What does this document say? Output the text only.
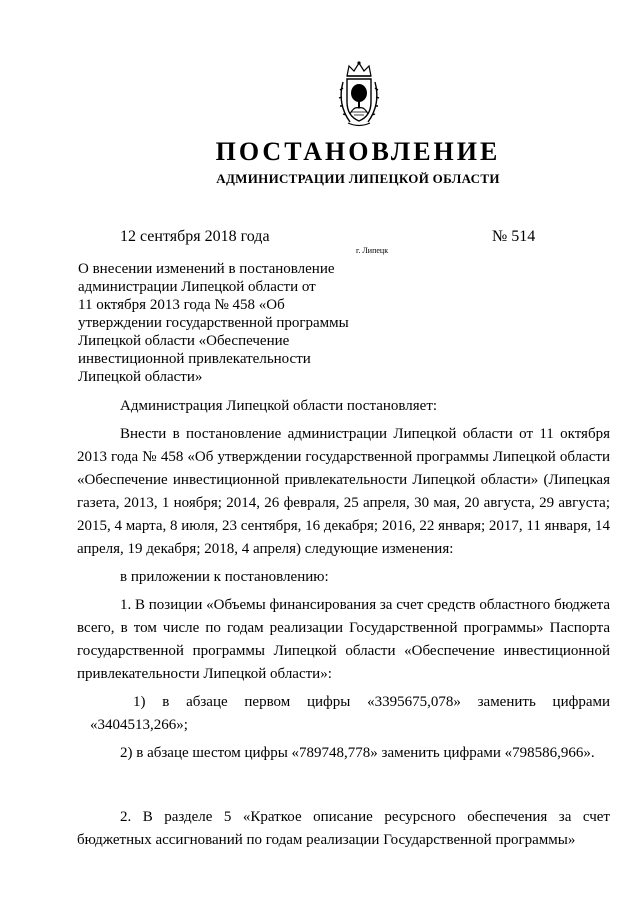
ПОСТАНОВЛЕНИЕ
АДМИНИСТРАЦИИ ЛИПЕЦКОЙ ОБЛАСТИ
12 сентября 2018 года	№ 514
г. Липецк
О внесении изменений в постановление
администрации Липецкой области от
11 октября 2013 года № 458 «Об
утверждении государственной программы
Липецкой области «Обеспечение
инвестиционной привлекательности
Липецкой области»

Администрация Липецкой области постановляет:

Внести в постановление администрации Липецкой области от 11 октября 2013 года № 458 «Об утверждении государственной программы Липецкой области «Обеспечение инвестиционной привлекательности Липецкой области» (Липецкая газета, 2013, 1 ноября; 2014, 26 февраля, 25 апреля, 30 мая, 20 августа, 29 августа; 2015, 4 марта, 8 июля, 23 сентября, 16 декабря; 2016, 22 января; 2017, 11 января, 14 апреля, 19 декабря; 2018, 4 апреля) следующие изменения:

в приложении к постановлению:

1. В позиции «Объемы финансирования за счет средств областного бюджета всего, в том числе по годам реализации Государственной программы» Паспорта государственной программы Липецкой области «Обеспечение инвестиционной привлекательности Липецкой области»:

1) в абзаце первом цифры «3395675,078» заменить цифрами «3404513,266»;

2) в абзаце шестом цифры «789748,778» заменить цифрами «798586,966».

2. В разделе 5 «Краткое описание ресурсного обеспечения за счет бюджетных ассигнований по годам реализации Государственной программы»
